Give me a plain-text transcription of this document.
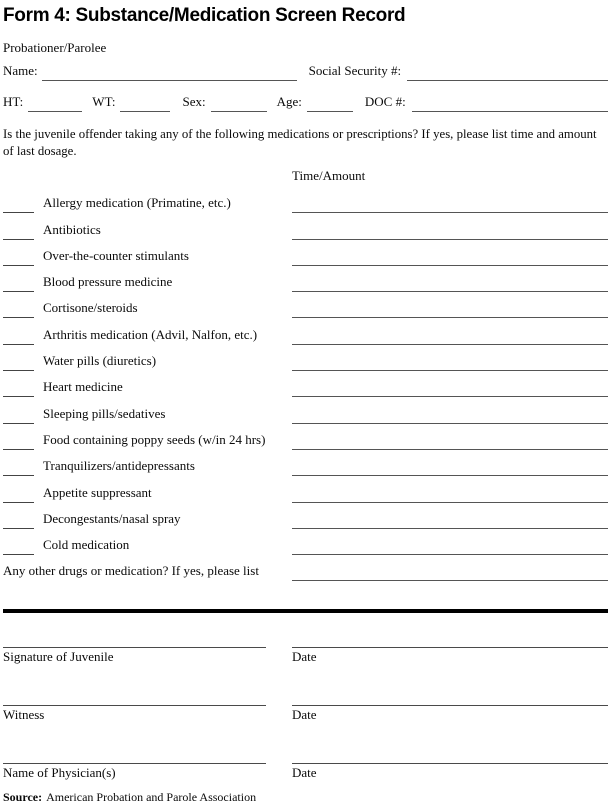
Form 4: Substance/Medication Screen Record
Probationer/Parolee
Name:	Social Security #:
HT:	WT:	Sex:	Age:	DOC #:
Is the juvenile offender taking any of the following medications or prescriptions? If yes, please list time and amount of last dosage.
Time/Amount
Allergy medication (Primatine, etc.)
Antibiotics
Over-the-counter stimulants
Blood pressure medicine
Cortisone/steroids
Arthritis medication (Advil, Nalfon, etc.)
Water pills (diuretics)
Heart medicine
Sleeping pills/sedatives
Food containing poppy seeds (w/in 24 hrs)
Tranquilizers/antidepressants
Appetite suppressant
Decongestants/nasal spray
Cold medication
Any other drugs or medication? If yes, please list
Signature of Juvenile	Date
Witness	Date
Name of Physician(s)	Date
Source: American Probation and Parole Association
